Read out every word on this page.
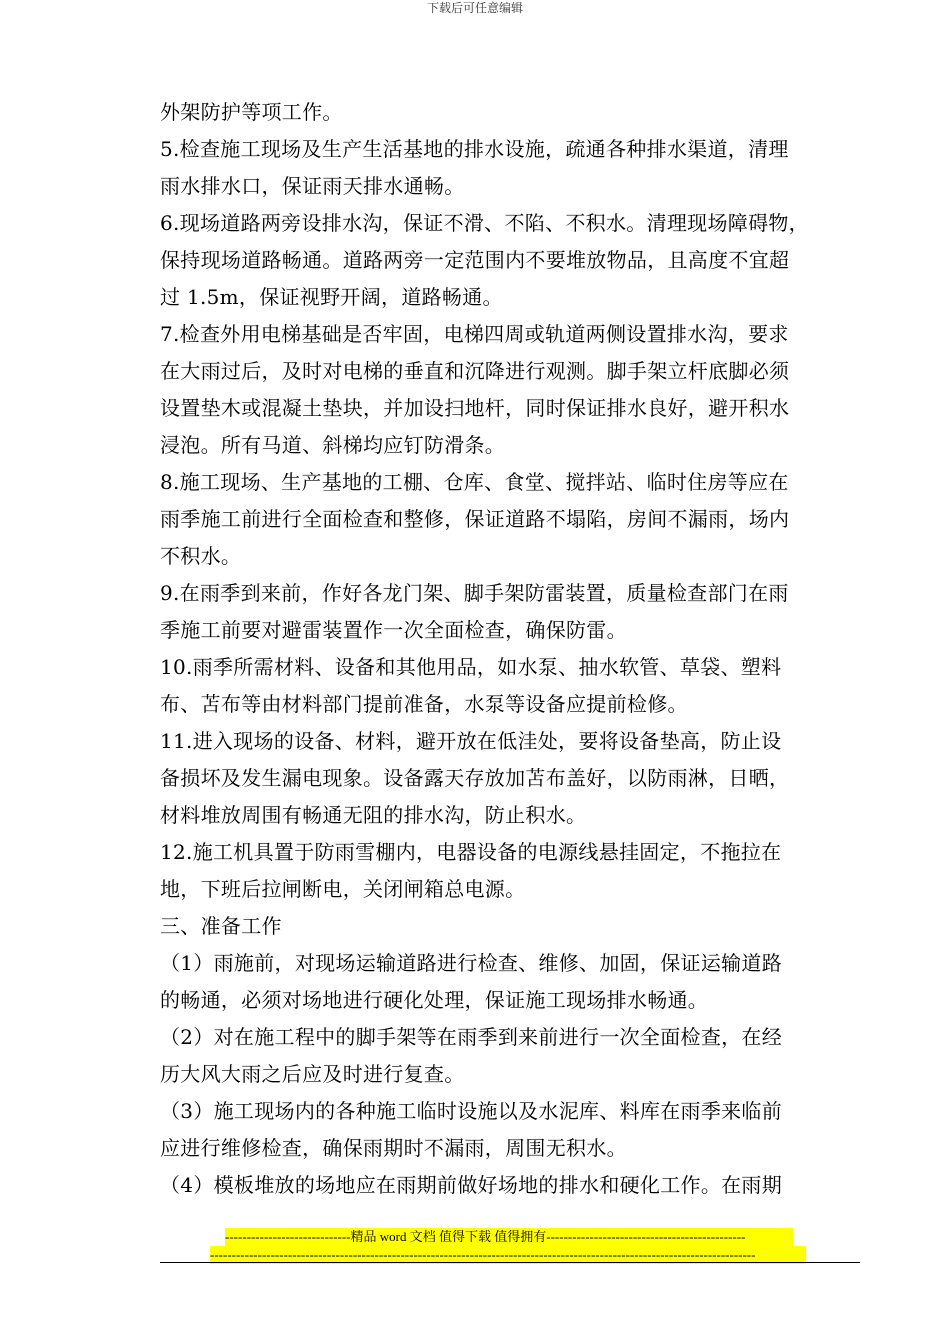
下载后可任意编辑
外架防护等项工作。
5.检查施工现场及生产生活基地的排水设施，疏通各种排水渠道，清理
雨水排水口，保证雨天排水通畅。
6.现场道路两旁设排水沟，保证不滑、不陷、不积水。清理现场障碍物，
保持现场道路畅通。道路两旁一定范围内不要堆放物品，且高度不宜超
过 1.5m，保证视野开阔，道路畅通。
7.检查外用电梯基础是否牢固，电梯四周或轨道两侧设置排水沟，要求
在大雨过后，及时对电梯的垂直和沉降进行观测。脚手架立杆底脚必须
设置垫木或混凝土垫块，并加设扫地杆，同时保证排水良好，避开积水
浸泡。所有马道、斜梯均应钉防滑条。
8.施工现场、生产基地的工棚、仓库、食堂、搅拌站、临时住房等应在
雨季施工前进行全面检查和整修，保证道路不塌陷，房间不漏雨，场内
不积水。
9.在雨季到来前，作好各龙门架、脚手架防雷装置，质量检查部门在雨
季施工前要对避雷装置作一次全面检查，确保防雷。
10.雨季所需材料、设备和其他用品，如水泵、抽水软管、草袋、塑料
布、苫布等由材料部门提前准备，水泵等设备应提前检修。
11.进入现场的设备、材料，避开放在低洼处，要将设备垫高，防止设
备损坏及发生漏电现象。设备露天存放加苫布盖好，以防雨淋，日晒，
材料堆放周围有畅通无阻的排水沟，防止积水。
12.施工机具置于防雨雪棚内，电器设备的电源线悬挂固定，不拖拉在
地，下班后拉闸断电，关闭闸箱总电源。
三、准备工作
（1）雨施前，对现场运输道路进行检查、维修、加固，保证运输道路
的畅通，必须对场地进行硬化处理，保证施工现场排水畅通。
（2）对在施工程中的脚手架等在雨季到来前进行一次全面检查，在经
历大风大雨之后应及时进行复查。
（3）施工现场内的各种施工临时设施以及水泥库、料库在雨季来临前
应进行维修检查，确保雨期时不漏雨，周围无积水。
（4）模板堆放的场地应在雨期前做好场地的排水和硬化工作。在雨期
-----------------------------精品 word 文档 值得下载 值得拥有----------------------------------------------
------------------------------------------------------------------------------------------------------------------------------
